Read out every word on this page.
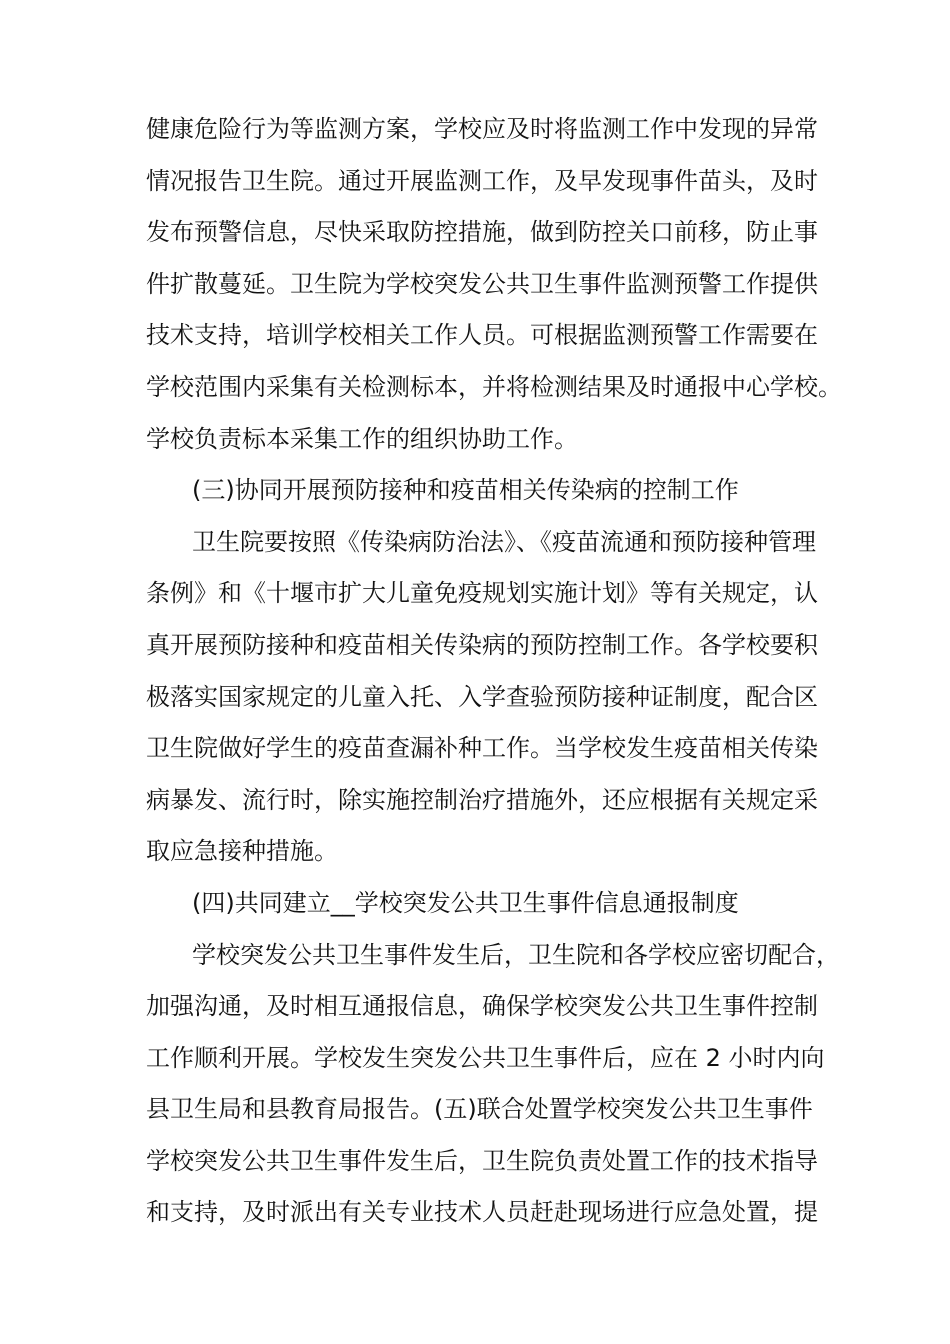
健康危险行为等监测方案，学校应及时将监测工作中发现的异常
情况报告卫生院。通过开展监测工作，及早发现事件苗头，及时
发布预警信息，尽快采取防控措施，做到防控关口前移，防止事
件扩散蔓延。卫生院为学校突发公共卫生事件监测预警工作提供
技术支持，培训学校相关工作人员。可根据监测预警工作需要在
学校范围内采集有关检测标本，并将检测结果及时通报中心学校。
学校负责标本采集工作的组织协助工作。
(三)协同开展预防接种和疫苗相关传染病的控制工作
卫生院要按照《传染病防治法》、《疫苗流通和预防接种管理
条例》和《十堰市扩大儿童免疫规划实施计划》等有关规定，认
真开展预防接种和疫苗相关传染病的预防控制工作。各学校要积
极落实国家规定的儿童入托、入学查验预防接种证制度，配合区
卫生院做好学生的疫苗查漏补种工作。当学校发生疫苗相关传染
病暴发、流行时，除实施控制治疗措施外，还应根据有关规定采
取应急接种措施。
(四)共同建立__学校突发公共卫生事件信息通报制度
学校突发公共卫生事件发生后，卫生院和各学校应密切配合，
加强沟通，及时相互通报信息，确保学校突发公共卫生事件控制
工作顺利开展。学校发生突发公共卫生事件后，应在 2 小时内向
县卫生局和县教育局报告。(五)联合处置学校突发公共卫生事件
学校突发公共卫生事件发生后，卫生院负责处置工作的技术指导
和支持，及时派出有关专业技术人员赶赴现场进行应急处置，提
